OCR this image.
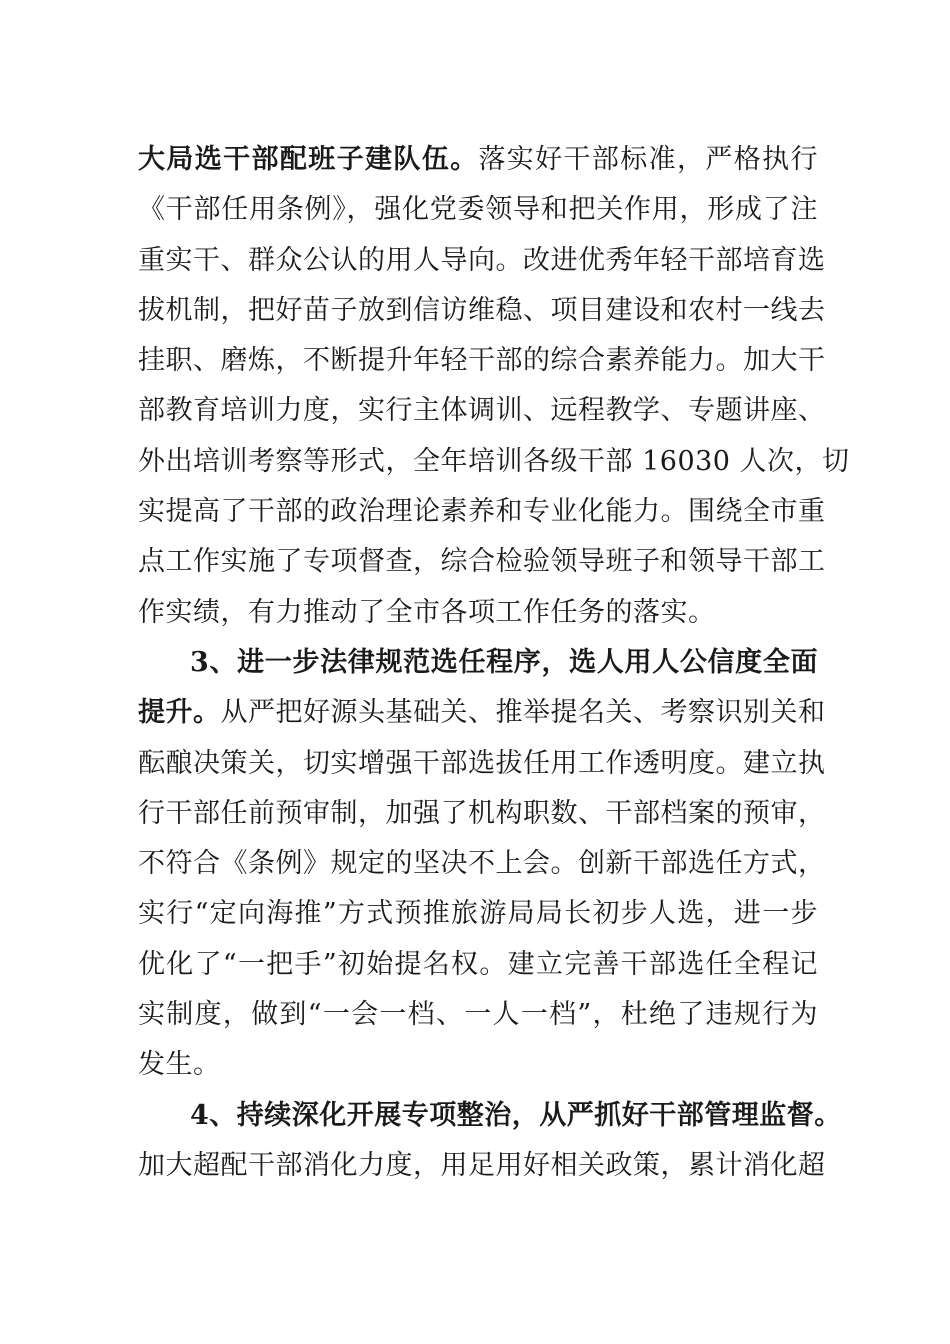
大局选干部配班子建队伍。落实好干部标准，严格执行
《干部任用条例》，强化党委领导和把关作用，形成了注
重实干、群众公认的用人导向。改进优秀年轻干部培育选
拔机制，把好苗子放到信访维稳、项目建设和农村一线去
挂职、磨炼，不断提升年轻干部的综合素养能力。加大干
部教育培训力度，实行主体调训、远程教学、专题讲座、
外出培训考察等形式，全年培训各级干部 16030 人次，切
实提高了干部的政治理论素养和专业化能力。围绕全市重
点工作实施了专项督查，综合检验领导班子和领导干部工
作实绩，有力推动了全市各项工作任务的落实。
3、进一步法律规范选任程序，选人用人公信度全面
提升。从严把好源头基础关、推举提名关、考察识别关和
酝酿决策关，切实增强干部选拔任用工作透明度。建立执
行干部任前预审制，加强了机构职数、干部档案的预审，
不符合《条例》规定的坚决不上会。创新干部选任方式，
实行“定向海推”方式预推旅游局局长初步人选，进一步
优化了“一把手”初始提名权。建立完善干部选任全程记
实制度，做到“一会一档、一人一档”，杜绝了违规行为
发生。
4、持续深化开展专项整治，从严抓好干部管理监督。
加大超配干部消化力度，用足用好相关政策，累计消化超
